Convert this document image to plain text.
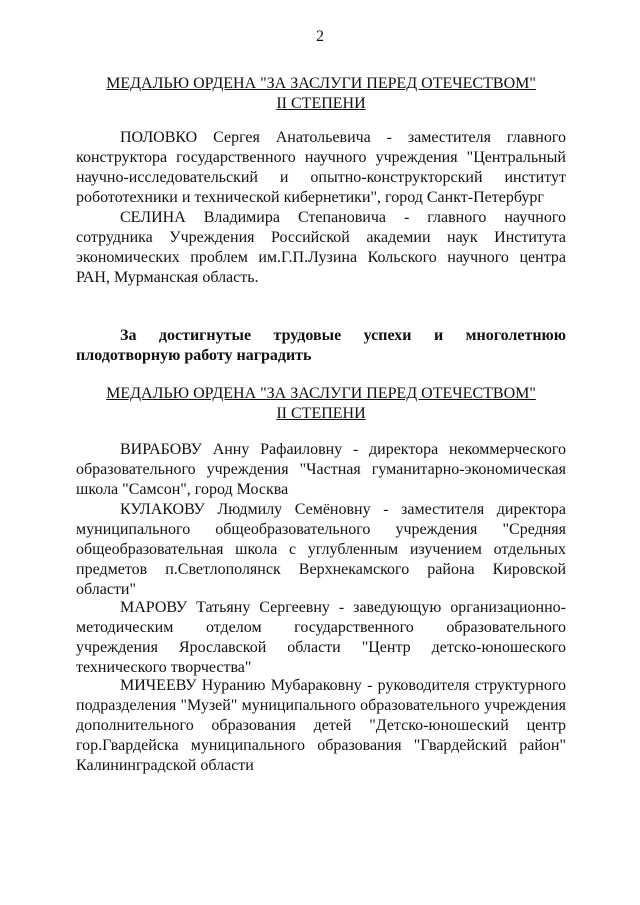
2
МЕДАЛЬЮ ОРДЕНА "ЗА ЗАСЛУГИ ПЕРЕД ОТЕЧЕСТВОМ"
II СТЕПЕНИ

ПОЛОВКО Сергея Анатольевича - заместителя главного конструктора государственного научного учреждения "Центральный научно-исследовательский и опытно-конструкторский институт робототехники и технической кибернетики", город Санкт-Петербург

СЕЛИНА Владимира Степановича - главного научного сотрудника Учреждения Российской академии наук Института экономических проблем им.Г.П.Лузина Кольского научного центра РАН, Мурманская область.

За достигнутые трудовые успехи и многолетнюю плодотворную работу наградить

МЕДАЛЬЮ ОРДЕНА "ЗА ЗАСЛУГИ ПЕРЕД ОТЕЧЕСТВОМ"
II СТЕПЕНИ

ВИРАБОВУ Анну Рафаиловну - директора некоммерческого образовательного учреждения "Частная гуманитарно-экономическая школа "Самсон", город Москва

КУЛАКОВУ Людмилу Семёновну - заместителя директора муниципального общеобразовательного учреждения "Средняя общеобразовательная школа с углубленным изучением отдельных предметов п.Светлополянск Верхнекамского района Кировской области"

МАРОВУ Татьяну Сергеевну - заведующую организационно-методическим отделом государственного образовательного учреждения Ярославской области "Центр детско-юношеского технического творчества"

МИЧЕЕВУ Нуранию Мубараковну - руководителя структурного подразделения "Музей" муниципального образовательного учреждения дополнительного образования детей "Детско-юношеский центр гор.Гвардейска муниципального образования "Гвардейский район" Калининградской области
